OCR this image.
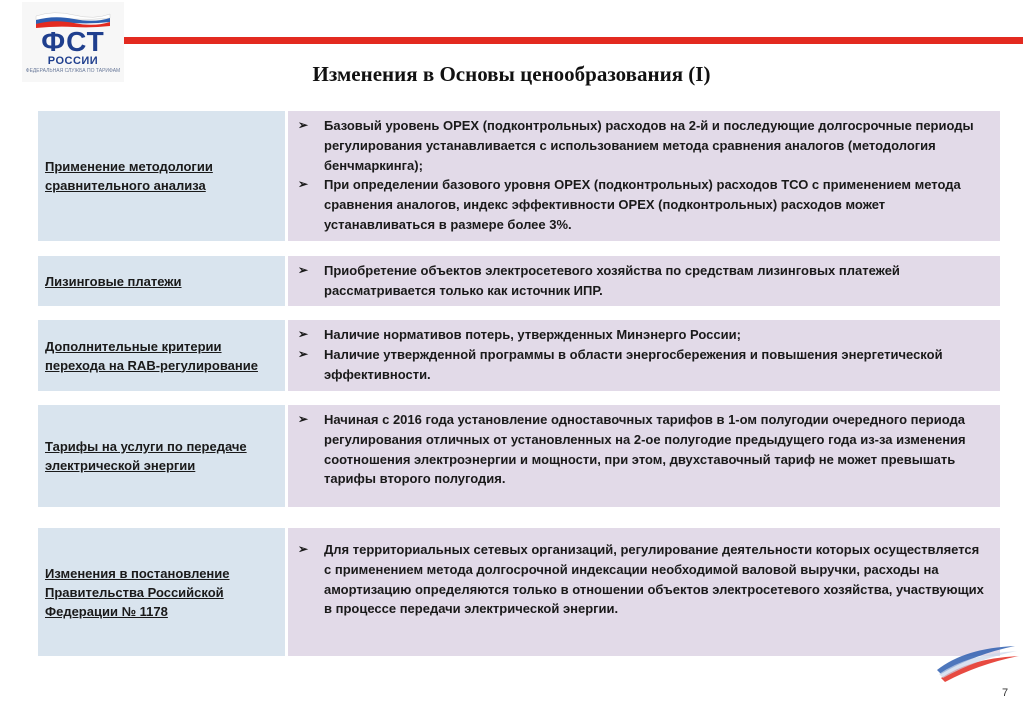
ФСТ
РОССИИ
ФЕДЕРАЛЬНАЯ СЛУЖБА ПО ТАРИФАМ	Изменения в Основы ценообразования (I)
Применение методологии сравнительного анализа
➢ Базовый уровень OPEX (подконтрольных) расходов на 2-й и последующие долгосрочные периоды регулирования устанавливается с использованием метода сравнения аналогов (методология бенчмаркинга);
➢ При определении базового уровня OPEX (подконтрольных) расходов ТСО с применением метода сравнения аналогов, индекс эффективности OPEX (подконтрольных) расходов может устанавливаться в размере более 3%.
Лизинговые платежи
➢ Приобретение объектов электросетевого хозяйства по средствам лизинговых платежей рассматривается только как источник ИПР.
Дополнительные критерии перехода на RAB-регулирование
➢ Наличие нормативов потерь, утвержденных Минэнерго России;
➢ Наличие утвержденной программы в области энергосбережения и повышения энергетической эффективности.
Тарифы на услуги по передаче электрической энергии
➢ Начиная с 2016 года установление одноставочных тарифов в 1-ом полугодии очередного периода регулирования отличных от установленных на 2-ое полугодие предыдущего года из-за изменения соотношения электроэнергии и мощности, при этом, двухставочный тариф не может превышать тарифы второго полугодия.
Изменения в постановление Правительства Российской Федерации № 1178
➢ Для территориальных сетевых организаций, регулирование деятельности которых осуществляется с применением метода долгосрочной индексации необходимой валовой выручки, расходы на амортизацию определяются только в отношении объектов электросетевого хозяйства, участвующих в процессе передачи электрической энергии.
7
